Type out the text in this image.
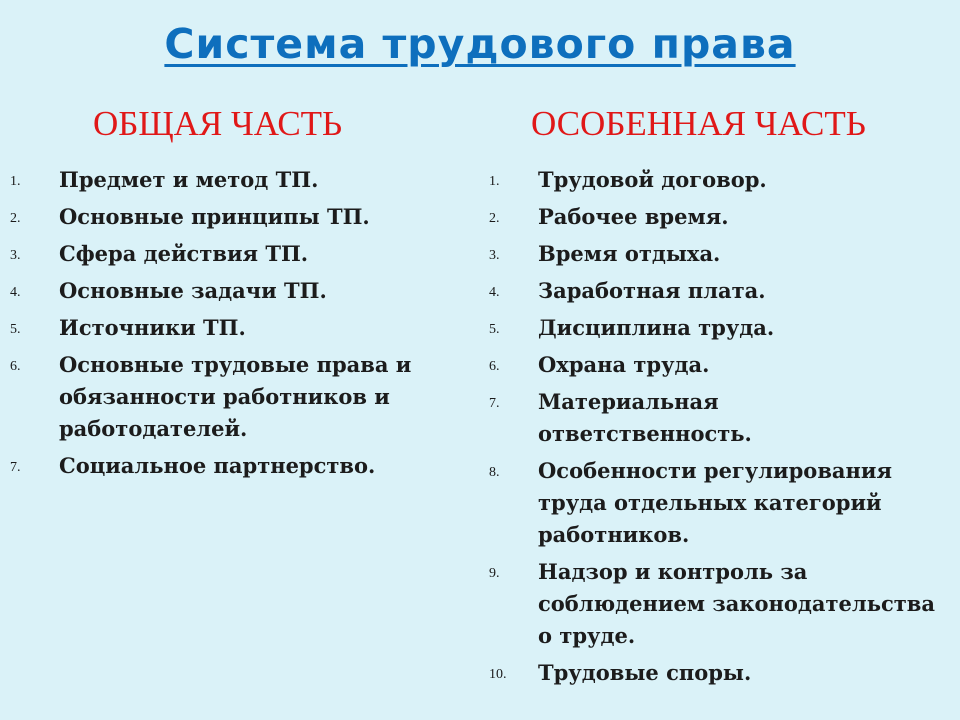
Система трудового права
ОБЩАЯ ЧАСТЬ	ОСОБЕННАЯ ЧАСТЬ
1.	Предмет и метод ТП.
2.	Основные принципы ТП.
3.	Сфера действия ТП.
4.	Основные задачи ТП.
5.	Источники ТП.
6.	Основные трудовые права и обязанности работников и работодателей.
7.	Социальное партнерство.
1.	Трудовой договор.
2.	Рабочее время.
3.	Время отдыха.
4.	Заработная плата.
5.	Дисциплина труда.
6.	Охрана труда.
7.	Материальная ответственность.
8.	Особенности регулирования труда отдельных категорий работников.
9.	Надзор и контроль за соблюдением законодательства о труде.
10.	Трудовые споры.
